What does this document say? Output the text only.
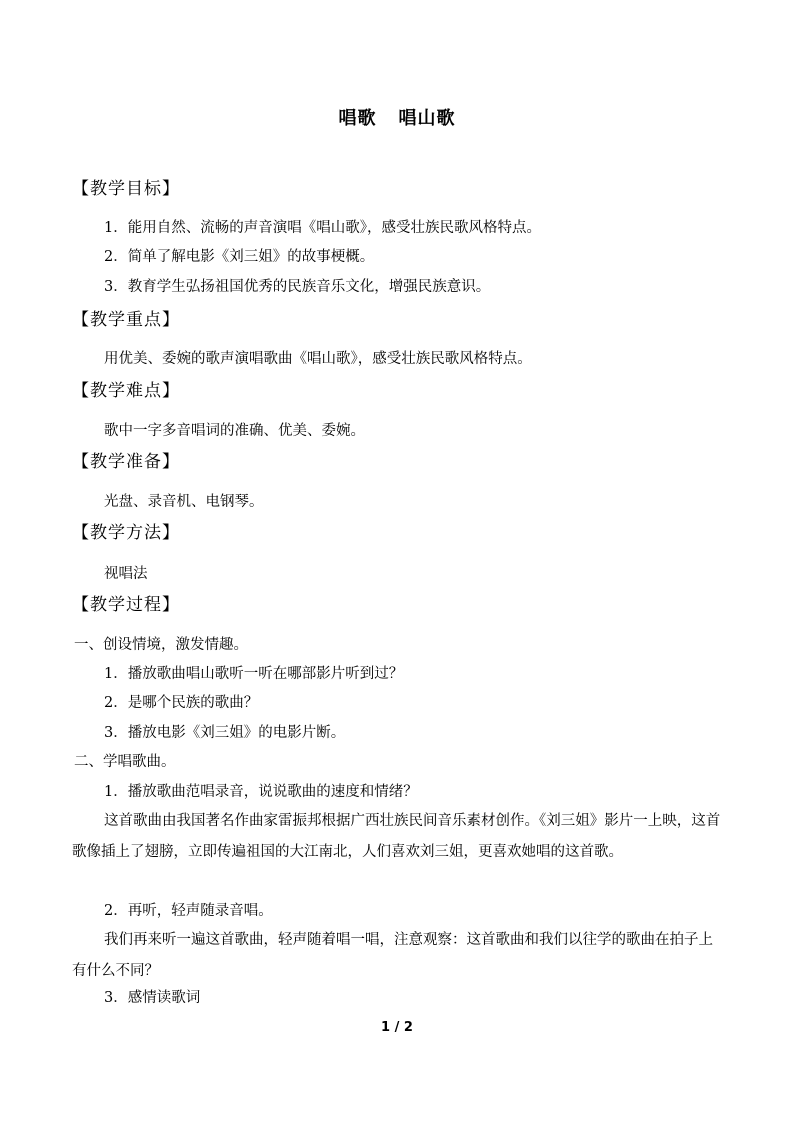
唱歌 唱山歌
【教学目标】
1．能用自然、流畅的声音演唱《唱山歌》，感受壮族民歌风格特点。
2．简单了解电影《刘三姐》的故事梗概。
3．教育学生弘扬祖国优秀的民族音乐文化，增强民族意识。
【教学重点】
用优美、委婉的歌声演唱歌曲《唱山歌》，感受壮族民歌风格特点。
【教学难点】
歌中一字多音唱词的准确、优美、委婉。
【教学准备】
光盘、录音机、电钢琴。
【教学方法】
视唱法
【教学过程】
一、创设情境，激发情趣。
1．播放歌曲唱山歌听一听在哪部影片听到过？
2．是哪个民族的歌曲？
3．播放电影《刘三姐》的电影片断。
二、学唱歌曲。
1．播放歌曲范唱录音，说说歌曲的速度和情绪？
这首歌曲由我国著名作曲家雷振邦根据广西壮族民间音乐素材创作。《刘三姐》影片一上映，这首歌像插上了翅膀，立即传遍祖国的大江南北，人们喜欢刘三姐，更喜欢她唱的这首歌。
2．再听，轻声随录音唱。
我们再来听一遍这首歌曲，轻声随着唱一唱，注意观察：这首歌曲和我们以往学的歌曲在拍子上有什么不同？
3．感情读歌词
1 / 2
